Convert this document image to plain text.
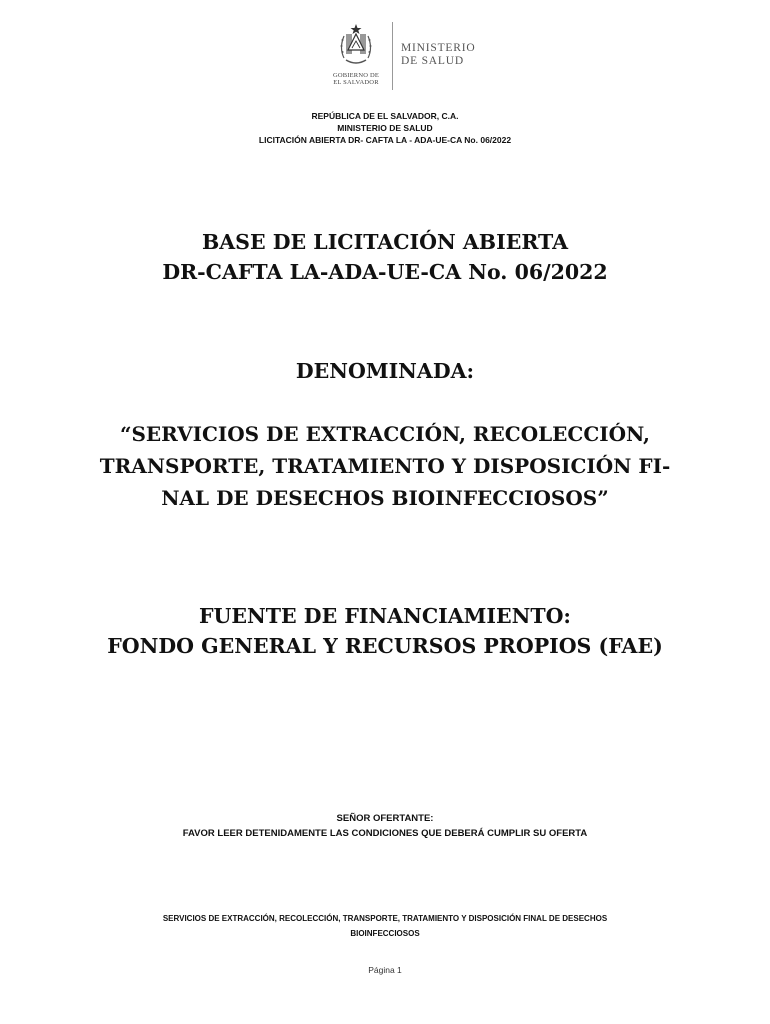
GOBIERNO DE
EL SALVADOR
MINISTERIO
DE SALUD
REPÚBLICA DE EL SALVADOR, C.A.
MINISTERIO DE SALUD
LICITACIÓN ABIERTA DR- CAFTA LA - ADA-UE-CA No. 06/2022
BASE DE LICITACIÓN ABIERTA
DR-CAFTA LA-ADA-UE-CA No. 06/2022
DENOMINADA:
“SERVICIOS DE EXTRACCIÓN, RECOLECCIÓN,
TRANSPORTE, TRATAMIENTO Y DISPOSICIÓN FI-
NAL DE DESECHOS BIOINFECCIOSOS”
FUENTE DE FINANCIAMIENTO:
FONDO GENERAL Y RECURSOS PROPIOS (FAE)
SEÑOR OFERTANTE:
FAVOR LEER DETENIDAMENTE LAS CONDICIONES QUE DEBERÁ CUMPLIR SU OFERTA
SERVICIOS DE EXTRACCIÓN, RECOLECCIÓN, TRANSPORTE, TRATAMIENTO Y DISPOSICIÓN FINAL DE DESECHOS
BIOINFECCIOSOS
Página 1
